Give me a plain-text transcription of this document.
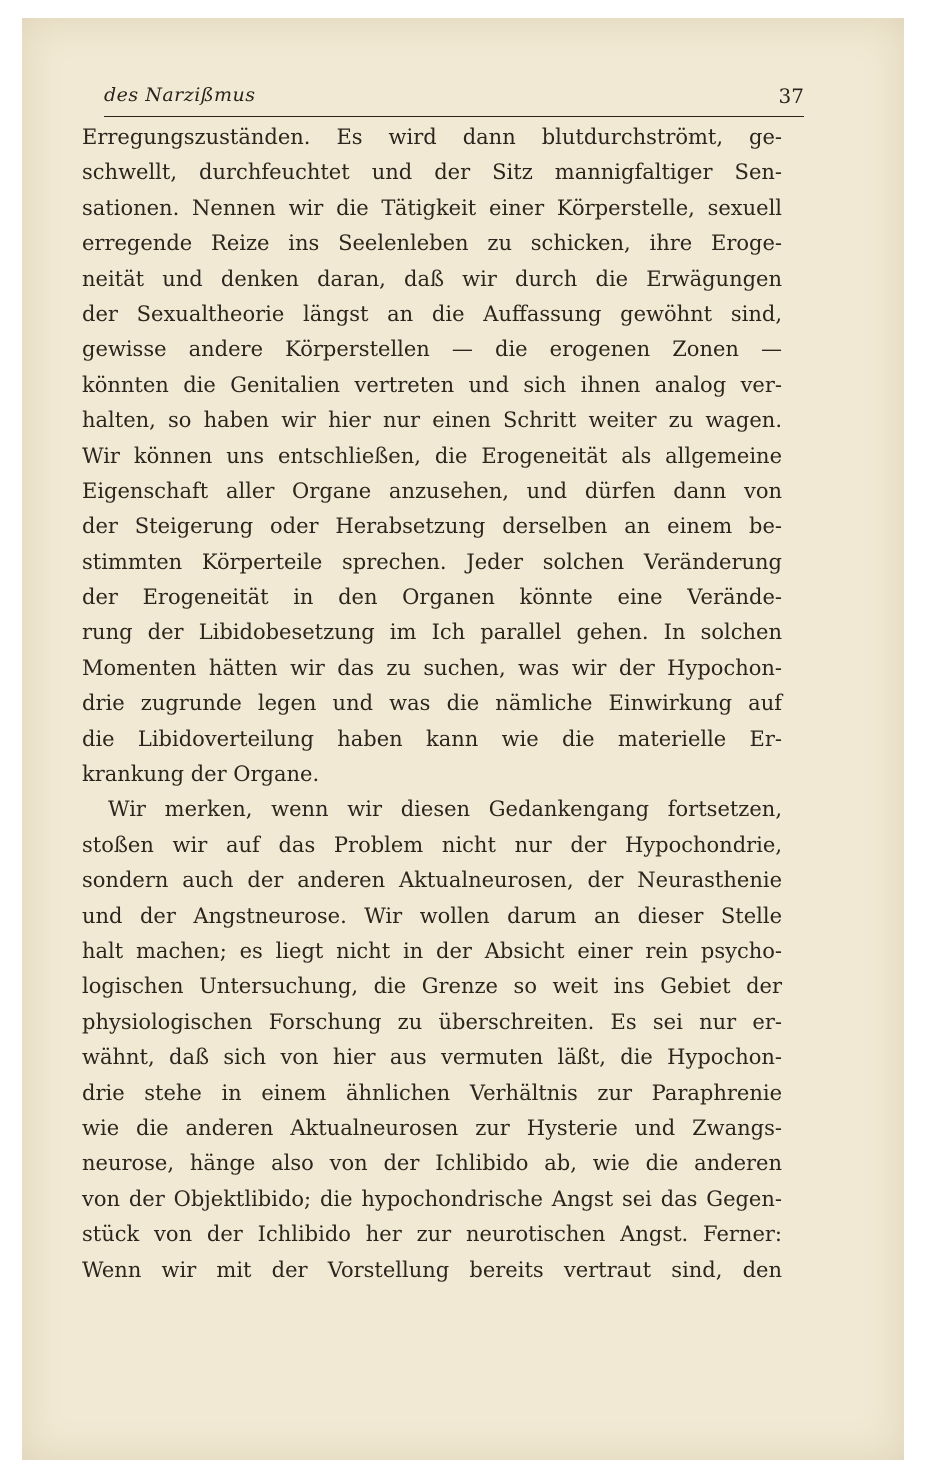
des Narzißmus	37
Erregungszuständen. Es wird dann blutdurchströmt, ge-
schwellt, durchfeuchtet und der Sitz mannigfaltiger Sen-
sationen. Nennen wir die Tätigkeit einer Körperstelle, sexuell
erregende Reize ins Seelenleben zu schicken, ihre Eroge-
neität und denken daran, daß wir durch die Erwägungen
der Sexualtheorie längst an die Auffassung gewöhnt sind,
gewisse andere Körperstellen — die erogenen Zonen —
könnten die Genitalien vertreten und sich ihnen analog ver-
halten, so haben wir hier nur einen Schritt weiter zu wagen.
Wir können uns entschließen, die Erogeneität als allgemeine
Eigenschaft aller Organe anzusehen, und dürfen dann von
der Steigerung oder Herabsetzung derselben an einem be-
stimmten Körperteile sprechen. Jeder solchen Veränderung
der Erogeneität in den Organen könnte eine Verände-
rung der Libidobesetzung im Ich parallel gehen. In solchen
Momenten hätten wir das zu suchen, was wir der Hypochon-
drie zugrunde legen und was die nämliche Einwirkung auf
die Libidoverteilung haben kann wie die materielle Er-
krankung der Organe.
Wir merken, wenn wir diesen Gedankengang fortsetzen,
stoßen wir auf das Problem nicht nur der Hypochondrie,
sondern auch der anderen Aktualneurosen, der Neurasthenie
und der Angstneurose. Wir wollen darum an dieser Stelle
halt machen; es liegt nicht in der Absicht einer rein psycho-
logischen Untersuchung, die Grenze so weit ins Gebiet der
physiologischen Forschung zu überschreiten. Es sei nur er-
wähnt, daß sich von hier aus vermuten läßt, die Hypochon-
drie stehe in einem ähnlichen Verhältnis zur Paraphrenie
wie die anderen Aktualneurosen zur Hysterie und Zwangs-
neurose, hänge also von der Ichlibido ab, wie die anderen
von der Objektlibido; die hypochondrische Angst sei das Gegen-
stück von der Ichlibido her zur neurotischen Angst. Ferner:
Wenn wir mit der Vorstellung bereits vertraut sind, den
